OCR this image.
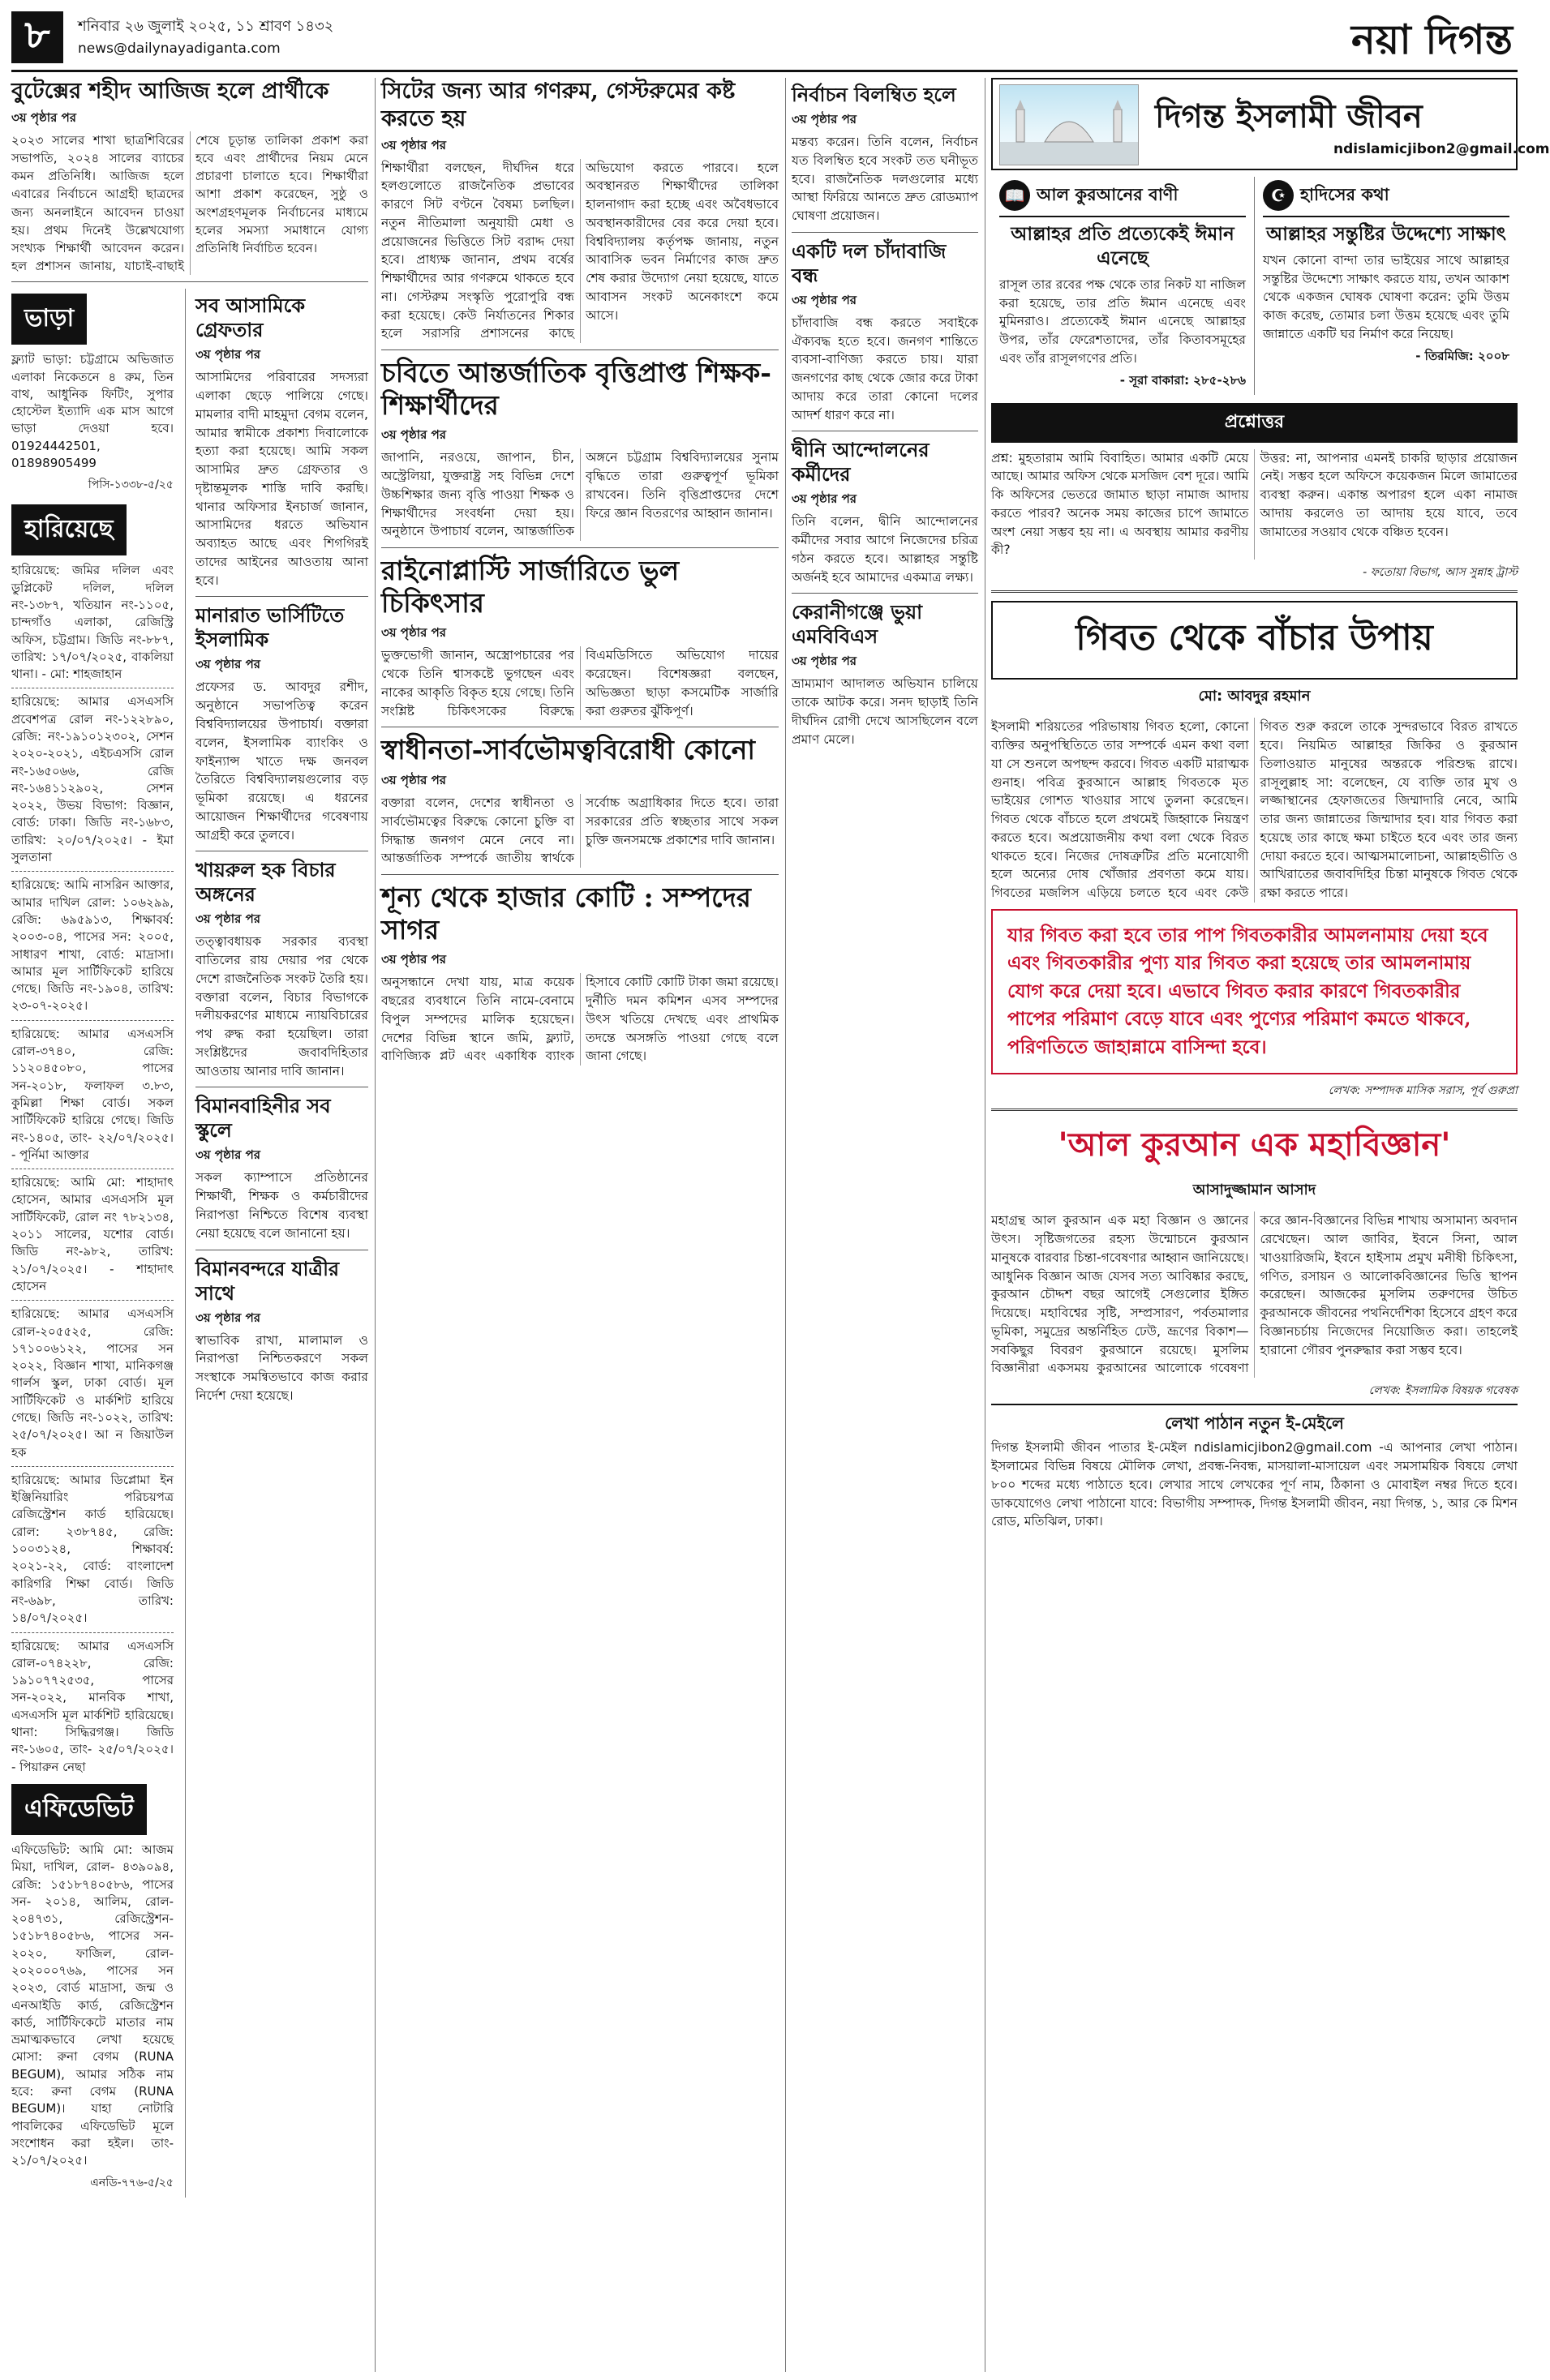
৮	শনিবার ২৬ জুলাই ২০২৫, ১১ শ্রাবণ ১৪৩২
news@dailynayadiganta.com	নয়া দিগন্ত
বুটেক্সের শহীদ আজিজ হলে প্রার্থীকে
৩য় পৃষ্ঠার পর

২০২৩ সালের শাখা ছাত্রশিবিরের সভাপতি, ২০২৪ সালের ব্যাচের কমন প্রতিনিধি। আজিজ হলে এবারের নির্বাচনে আগ্রহী ছাত্রদের জন্য অনলাইনে আবেদন চাওয়া হয়। প্রথম দিনেই উল্লেখযোগ্য সংখ্যক শিক্ষার্থী আবেদন করেন। হল প্রশাসন জানায়, যাচাই-বাছাই শেষে চূড়ান্ত তালিকা প্রকাশ করা হবে এবং প্রার্থীদের নিয়ম মেনে প্রচারণা চালাতে হবে। শিক্ষার্থীরা আশা প্রকাশ করেছেন, সুষ্ঠু ও অংশগ্রহণমূলক নির্বাচনের মাধ্যমে হলের সমস্যা সমাধানে যোগ্য প্রতিনিধি নির্বাচিত হবেন।

ভাড়া

ফ্ল্যাট ভাড়া: চট্টগ্রামে অভিজাত এলাকা নিকেতনে ৪ রুম, তিন বাথ, আধুনিক ফিটিং, সুপার হোস্টেল ইত্যাদি এক মাস আগে ভাড়া দেওয়া হবে। 01924442501, 01898905499

পিসি-১৩৩৮-৫/২৫

হারিয়েছে

হারিয়েছে: জমির দলিল এবং ডুপ্লিকেট দলিল, দলিল নং-১৩৮৭, খতিয়ান নং-১১০৫, চান্দগাঁও এলাকা, রেজিস্ট্রি অফিস, চট্টগ্রাম। জিডি নং-৮৮৭, তারিখ: ১৭/০৭/২০২৫, বাকলিয়া থানা। - মো: শাহজাহান

হারিয়েছে: আমার এসএসসি প্রবেশপত্র রোল নং-১২২৮৯০, রেজি: নং-১৯১০১২৩০২, সেশন ২০২০-২০২১, এইচএসসি রোল নং-১৬৫০৬৬, রেজি নং-১৬৪১১২৯০২, সেশন ২০২২, উভয় বিভাগ: বিজ্ঞান, বোর্ড: ঢাকা। জিডি নং-১৬৮৩, তারিখ: ২০/০৭/২০২৫। - ইমা সুলতানা

হারিয়েছে: আমি নাসরিন আক্তার, আমার দাখিল রোল: ১০৬২৯৯, রেজি: ৬৯৫৯১৩, শিক্ষাবর্ষ: ২০০৩-০৪, পাসের সন: ২০০৫, সাধারণ শাখা, বোর্ড: মাদ্রাসা। আমার মূল সার্টিফিকেট হারিয়ে গেছে। জিডি নং-১৯০৪, তারিখ: ২৩-০৭-২০২৫।

হারিয়েছে: আমার এসএসসি রোল-৩৭৪০, রেজি: ১১২০৪৫০৮০, পাসের সন-২০১৮, ফলাফল ৩.৮৩, কুমিল্লা শিক্ষা বোর্ড। সকল সার্টিফিকেট হারিয়ে গেছে। জিডি নং-১৪০৫, তাং- ২২/০৭/২০২৫। - পূর্নিমা আক্তার

হারিয়েছে: আমি মো: শাহাদাৎ হোসেন, আমার এসএসসি মূল সার্টিফিকেট, রোল নং ৭৮২১৩৪, ২০১১ সালের, যশোর বোর্ড। জিডি নং-৯৮২, তারিখ: ২১/০৭/২০২৫। - শাহাদাৎ হোসেন

হারিয়েছে: আমার এসএসসি রোল-২০৫৫২৫, রেজি: ১৭১০০৬১২২, পাসের সন ২০২২, বিজ্ঞান শাখা, মানিকগঞ্জ গার্লস স্কুল, ঢাকা বোর্ড। মূল সার্টিফিকেট ও মার্কশিট হারিয়ে গেছে। জিডি নং-১০২২, তারিখ: ২৫/০৭/২০২৫। আ ন জিয়াউল হক

হারিয়েছে: আমার ডিপ্লোমা ইন ইঞ্জিনিয়ারিং পরিচয়পত্র রেজিস্ট্রেশন কার্ড হারিয়েছে। রোল: ২৩৮৭৪৫, রেজি: ১০০৩১২৪, শিক্ষাবর্ষ: ২০২১-২২, বোর্ড: বাংলাদেশ কারিগরি শিক্ষা বোর্ড। জিডি নং-৬৯৮, তারিখ: ১৪/০৭/২০২৫।

হারিয়েছে: আমার এসএসসি রোল-০৭৪২২৮, রেজি: ১৯১০৭৭২৫৩৫, পাসের সন-২০২২, মানবিক শাখা, এসএসসি মূল মার্কশিট হারিয়েছে। থানা: সিদ্ধিরগঞ্জ। জিডি নং-১৬০৫, তাং- ২৫/০৭/২০২৫। - পিয়ারুন নেছা

এফিডেভিট

এফিডেভিট: আমি মো: আজম মিয়া, দাখিল, রোল- ৪৩৯০৯৪, রেজি: ১৫১৮৭৪০৫৮৬, পাসের সন- ২০১৪, আলিম, রোল- ২০৪৭৩১, রেজিস্ট্রেশন- ১৫১৮৭৪০৫৮৬, পাসের সন- ২০২০, ফাজিল, রোল- ২০২০০০৭৬৯, পাসের সন ২০২৩, বোর্ড মাদ্রাসা, জন্ম ও এনআইডি কার্ড, রেজিস্ট্রেশন কার্ড, সার্টিফিকেটে মাতার নাম ভ্রমাত্মকভাবে লেখা হয়েছে মোসা: রুনা বেগম (RUNA BEGUM), আমার সঠিক নাম হবে: রুনা বেগম (RUNA BEGUM)। যাহা নোটারি পাবলিকের এফিডেভিট মূলে সংশোধন করা হইল। তাং- ২১/০৭/২০২৫।

এনডি-৭৭৬-৫/২৫

সব আসামিকে গ্রেফতার
৩য় পৃষ্ঠার পর

আসামিদের পরিবারের সদস্যরা এলাকা ছেড়ে পালিয়ে গেছে। মামলার বাদী মাহমুদা বেগম বলেন, আমার স্বামীকে প্রকাশ্য দিবালোকে হত্যা করা হয়েছে। আমি সকল আসামির দ্রুত গ্রেফতার ও দৃষ্টান্তমূলক শাস্তি দাবি করছি। থানার অফিসার ইনচার্জ জানান, আসামিদের ধরতে অভিযান অব্যাহত আছে এবং শিগগিরই তাদের আইনের আওতায় আনা হবে।

মানারাত ভার্সিটিতে ইসলামিক
৩য় পৃষ্ঠার পর

প্রফেসর ড. আবদুর রশীদ, অনুষ্ঠানে সভাপতিত্ব করেন বিশ্ববিদ্যালয়ের উপাচার্য। বক্তারা বলেন, ইসলামিক ব্যাংকিং ও ফাইন্যান্স খাতে দক্ষ জনবল তৈরিতে বিশ্ববিদ্যালয়গুলোর বড় ভূমিকা রয়েছে। এ ধরনের আয়োজন শিক্ষার্থীদের গবেষণায় আগ্রহী করে তুলবে।

খায়রুল হক বিচার অঙ্গনের
৩য় পৃষ্ঠার পর

তত্ত্বাবধায়ক সরকার ব্যবস্থা বাতিলের রায় দেয়ার পর থেকে দেশে রাজনৈতিক সংকট তৈরি হয়। বক্তারা বলেন, বিচার বিভাগকে দলীয়করণের মাধ্যমে ন্যায়বিচারের পথ রুদ্ধ করা হয়েছিল। তারা সংশ্লিষ্টদের জবাবদিহিতার আওতায় আনার দাবি জানান।

বিমানবাহিনীর সব স্কুলে
৩য় পৃষ্ঠার পর

সকল ক্যাম্পাসে প্রতিষ্ঠানের শিক্ষার্থী, শিক্ষক ও কর্মচারীদের নিরাপত্তা নিশ্চিতে বিশেষ ব্যবস্থা নেয়া হয়েছে বলে জানানো হয়।

বিমানবন্দরে যাত্রীর সাথে
৩য় পৃষ্ঠার পর

স্বাভাবিক রাখা, মালামাল ও নিরাপত্তা নিশ্চিতকরণে সকল সংস্থাকে সমন্বিতভাবে কাজ করার নির্দেশ দেয়া হয়েছে।

সিটের জন্য আর গণরুম, গেস্টরুমের কষ্ট করতে হয়
৩য় পৃষ্ঠার পর

শিক্ষার্থীরা বলছেন, দীর্ঘদিন ধরে হলগুলোতে রাজনৈতিক প্রভাবের কারণে সিট বণ্টনে বৈষম্য চলছিল। নতুন নীতিমালা অনুযায়ী মেধা ও প্রয়োজনের ভিত্তিতে সিট বরাদ্দ দেয়া হবে। প্রাধ্যক্ষ জানান, প্রথম বর্ষের শিক্ষার্থীদের আর গণরুমে থাকতে হবে না। গেস্টরুম সংস্কৃতি পুরোপুরি বন্ধ করা হয়েছে। কেউ নির্যাতনের শিকার হলে সরাসরি প্রশাসনের কাছে অভিযোগ করতে পারবে। হলে অবস্থানরত শিক্ষার্থীদের তালিকা হালনাগাদ করা হচ্ছে এবং অবৈধভাবে অবস্থানকারীদের বের করে দেয়া হবে। বিশ্ববিদ্যালয় কর্তৃপক্ষ জানায়, নতুন আবাসিক ভবন নির্মাণের কাজ দ্রুত শেষ করার উদ্যোগ নেয়া হয়েছে, যাতে আবাসন সংকট অনেকাংশে কমে আসে।

চবিতে আন্তর্জাতিক বৃত্তিপ্রাপ্ত শিক্ষক-শিক্ষার্থীদের
৩য় পৃষ্ঠার পর

জাপানি, নরওয়ে, জাপান, চীন, অস্ট্রেলিয়া, যুক্তরাষ্ট্র সহ বিভিন্ন দেশে উচ্চশিক্ষার জন্য বৃত্তি পাওয়া শিক্ষক ও শিক্ষার্থীদের সংবর্ধনা দেয়া হয়। অনুষ্ঠানে উপাচার্য বলেন, আন্তর্জাতিক অঙ্গনে চট্টগ্রাম বিশ্ববিদ্যালয়ের সুনাম বৃদ্ধিতে তারা গুরুত্বপূর্ণ ভূমিকা রাখবেন। তিনি বৃত্তিপ্রাপ্তদের দেশে ফিরে জ্ঞান বিতরণের আহ্বান জানান।

রাইনোপ্লাস্টি সার্জারিতে ভুল চিকিৎসার
৩য় পৃষ্ঠার পর

ভুক্তভোগী জানান, অস্ত্রোপচারের পর থেকে তিনি শ্বাসকষ্টে ভুগছেন এবং নাকের আকৃতি বিকৃত হয়ে গেছে। তিনি সংশ্লিষ্ট চিকিৎসকের বিরুদ্ধে বিএমডিসিতে অভিযোগ দায়ের করেছেন। বিশেষজ্ঞরা বলছেন, অভিজ্ঞতা ছাড়া কসমেটিক সার্জারি করা গুরুতর ঝুঁকিপূর্ণ।

স্বাধীনতা-সার্বভৌমত্ববিরোধী কোনো
৩য় পৃষ্ঠার পর

বক্তারা বলেন, দেশের স্বাধীনতা ও সার্বভৌমত্বের বিরুদ্ধে কোনো চুক্তি বা সিদ্ধান্ত জনগণ মেনে নেবে না। আন্তর্জাতিক সম্পর্কে জাতীয় স্বার্থকে সর্বোচ্চ অগ্রাধিকার দিতে হবে। তারা সরকারের প্রতি স্বচ্ছতার সাথে সকল চুক্তি জনসমক্ষে প্রকাশের দাবি জানান।

শূন্য থেকে হাজার কোটি : সম্পদের সাগর
৩য় পৃষ্ঠার পর

অনুসন্ধানে দেখা যায়, মাত্র কয়েক বছরের ব্যবধানে তিনি নামে-বেনামে বিপুল সম্পদের মালিক হয়েছেন। দেশের বিভিন্ন স্থানে জমি, ফ্ল্যাট, বাণিজ্যিক প্লট এবং একাধিক ব্যাংক হিসাবে কোটি কোটি টাকা জমা রয়েছে। দুর্নীতি দমন কমিশন এসব সম্পদের উৎস খতিয়ে দেখছে এবং প্রাথমিক তদন্তে অসঙ্গতি পাওয়া গেছে বলে জানা গেছে।

নির্বাচন বিলম্বিত হলে
৩য় পৃষ্ঠার পর

মন্তব্য করেন। তিনি বলেন, নির্বাচন যত বিলম্বিত হবে সংকট তত ঘনীভূত হবে। রাজনৈতিক দলগুলোর মধ্যে আস্থা ফিরিয়ে আনতে দ্রুত রোডম্যাপ ঘোষণা প্রয়োজন।

একটি দল চাঁদাবাজি বন্ধ
৩য় পৃষ্ঠার পর

চাঁদাবাজি বন্ধ করতে সবাইকে ঐক্যবদ্ধ হতে হবে। জনগণ শান্তিতে ব্যবসা-বাণিজ্য করতে চায়। যারা জনগণের কাছ থেকে জোর করে টাকা আদায় করে তারা কোনো দলের আদর্শ ধারণ করে না।

দ্বীনি আন্দোলনের কর্মীদের
৩য় পৃষ্ঠার পর

তিনি বলেন, দ্বীনি আন্দোলনের কর্মীদের সবার আগে নিজেদের চরিত্র গঠন করতে হবে। আল্লাহর সন্তুষ্টি অর্জনই হবে আমাদের একমাত্র লক্ষ্য।

কেরানীগঞ্জে ভুয়া এমবিবিএস
৩য় পৃষ্ঠার পর

ভ্রাম্যমাণ আদালত অভিযান চালিয়ে তাকে আটক করে। সনদ ছাড়াই তিনি দীর্ঘদিন রোগী দেখে আসছিলেন বলে প্রমাণ মেলে।

দিগন্ত ইসলামী জীবন
ndislamicjibon2@gmail.com
📖 আল কুরআনের বাণী
আল্লাহর প্রতি প্রত্যেকেই ঈমান এনেছে

রাসূল তার রবের পক্ষ থেকে তার নিকট যা নাজিল করা হয়েছে, তার প্রতি ঈমান এনেছে এবং মুমিনরাও। প্রত্যেকেই ঈমান এনেছে আল্লাহর উপর, তাঁর ফেরেশতাদের, তাঁর কিতাবসমূহের এবং তাঁর রাসূলগণের প্রতি।

- সূরা বাকারা: ২৮৫-২৮৬
☪ হাদিসের কথা
আল্লাহর সন্তুষ্টির উদ্দেশ্যে সাক্ষাৎ

যখন কোনো বান্দা তার ভাইয়ের সাথে আল্লাহর সন্তুষ্টির উদ্দেশ্যে সাক্ষাৎ করতে যায়, তখন আকাশ থেকে একজন ঘোষক ঘোষণা করেন: তুমি উত্তম কাজ করেছ, তোমার চলা উত্তম হয়েছে এবং তুমি জান্নাতে একটি ঘর নির্মাণ করে নিয়েছ।

- তিরমিজি: ২০০৮
প্রশ্নোত্তর

প্রশ্ন: মুহতারাম আমি বিবাহিত। আমার একটি মেয়ে আছে। আমার অফিস থেকে মসজিদ বেশ দূরে। আমি কি অফিসের ভেতরে জামাত ছাড়া নামাজ আদায় করতে পারব? অনেক সময় কাজের চাপে জামাতে অংশ নেয়া সম্ভব হয় না। এ অবস্থায় আমার করণীয় কী?

উত্তর: না, আপনার এমনই চাকরি ছাড়ার প্রয়োজন নেই। সম্ভব হলে অফিসে কয়েকজন মিলে জামাতের ব্যবস্থা করুন। একান্ত অপারগ হলে একা নামাজ আদায় করলেও তা আদায় হয়ে যাবে, তবে জামাতের সওয়াব থেকে বঞ্চিত হবেন।

- ফতোয়া বিভাগ, আস সুন্নাহ ট্রাস্ট
গিবত থেকে বাঁচার উপায়
মো: আবদুর রহমান

ইসলামী শরিয়তের পরিভাষায় গিবত হলো, কোনো ব্যক্তির অনুপস্থিতিতে তার সম্পর্কে এমন কথা বলা যা সে শুনলে অপছন্দ করবে। গিবত একটি মারাত্মক গুনাহ। পবিত্র কুরআনে আল্লাহ গিবতকে মৃত ভাইয়ের গোশত খাওয়ার সাথে তুলনা করেছেন। গিবত থেকে বাঁচতে হলে প্রথমেই জিহ্বাকে নিয়ন্ত্রণ করতে হবে। অপ্রয়োজনীয় কথা বলা থেকে বিরত থাকতে হবে। নিজের দোষত্রুটির প্রতি মনোযোগী হলে অন্যের দোষ খোঁজার প্রবণতা কমে যায়। গিবতের মজলিস এড়িয়ে চলতে হবে এবং কেউ গিবত শুরু করলে তাকে সুন্দরভাবে বিরত রাখতে হবে। নিয়মিত আল্লাহর জিকির ও কুরআন তিলাওয়াত মানুষের অন্তরকে পরিশুদ্ধ রাখে। রাসূলুল্লাহ সা: বলেছেন, যে ব্যক্তি তার মুখ ও লজ্জাস্থানের হেফাজতের জিম্মাদারি নেবে, আমি তার জন্য জান্নাতের জিম্মাদার হব। যার গিবত করা হয়েছে তার কাছে ক্ষমা চাইতে হবে এবং তার জন্য দোয়া করতে হবে। আত্মসমালোচনা, আল্লাহভীতি ও আখিরাতের জবাবদিহির চিন্তা মানুষকে গিবত থেকে রক্ষা করতে পারে।

যার গিবত করা হবে তার পাপ গিবতকারীর আমলনামায় দেয়া হবে এবং গিবতকারীর পুণ্য যার গিবত করা হয়েছে তার আমলনামায় যোগ করে দেয়া হবে। এভাবে গিবত করার কারণে গিবতকারীর পাপের পরিমাণ বেড়ে যাবে এবং পুণ্যের পরিমাণ কমতে থাকবে, পরিণতিতে জাহান্নামে বাসিন্দা হবে।
লেখক: সম্পাদক মাসিক সরাস, পূর্ব গুরুপ্রা
'আল কুরআন এক মহাবিজ্ঞান'
আসাদুজ্জামান আসাদ

মহাগ্রন্থ আল কুরআন এক মহা বিজ্ঞান ও জ্ঞানের উৎস। সৃষ্টিজগতের রহস্য উন্মোচনে কুরআন মানুষকে বারবার চিন্তা-গবেষণার আহ্বান জানিয়েছে। আধুনিক বিজ্ঞান আজ যেসব সত্য আবিষ্কার করছে, কুরআন চৌদ্দশ বছর আগেই সেগুলোর ইঙ্গিত দিয়েছে। মহাবিশ্বের সৃষ্টি, সম্প্রসারণ, পর্বতমালার ভূমিকা, সমুদ্রের অন্তর্নিহিত ঢেউ, ভ্রূণের বিকাশ—সবকিছুর বিবরণ কুরআনে রয়েছে। মুসলিম বিজ্ঞানীরা একসময় কুরআনের আলোকে গবেষণা করে জ্ঞান-বিজ্ঞানের বিভিন্ন শাখায় অসামান্য অবদান রেখেছেন। আল জাবির, ইবনে সিনা, আল খাওয়ারিজমি, ইবনে হাইসাম প্রমুখ মনীষী চিকিৎসা, গণিত, রসায়ন ও আলোকবিজ্ঞানের ভিত্তি স্থাপন করেছেন। আজকের মুসলিম তরুণদের উচিত কুরআনকে জীবনের পথনির্দেশিকা হিসেবে গ্রহণ করে বিজ্ঞানচর্চায় নিজেদের নিয়োজিত করা। তাহলেই হারানো গৌরব পুনরুদ্ধার করা সম্ভব হবে।

লেখক: ইসলামিক বিষয়ক গবেষক
লেখা পাঠান নতুন ই-মেইলে

দিগন্ত ইসলামী জীবন পাতার ই-মেইল ndislamicjibon2@gmail.com -এ আপনার লেখা পাঠান। ইসলামের বিভিন্ন বিষয়ে মৌলিক লেখা, প্রবন্ধ-নিবন্ধ, মাসয়ালা-মাসায়েল এবং সমসাময়িক বিষয়ে লেখা ৮০০ শব্দের মধ্যে পাঠাতে হবে। লেখার সাথে লেখকের পূর্ণ নাম, ঠিকানা ও মোবাইল নম্বর দিতে হবে। ডাকযোগেও লেখা পাঠানো যাবে: বিভাগীয় সম্পাদক, দিগন্ত ইসলামী জীবন, নয়া দিগন্ত, ১, আর কে মিশন রোড, মতিঝিল, ঢাকা।
